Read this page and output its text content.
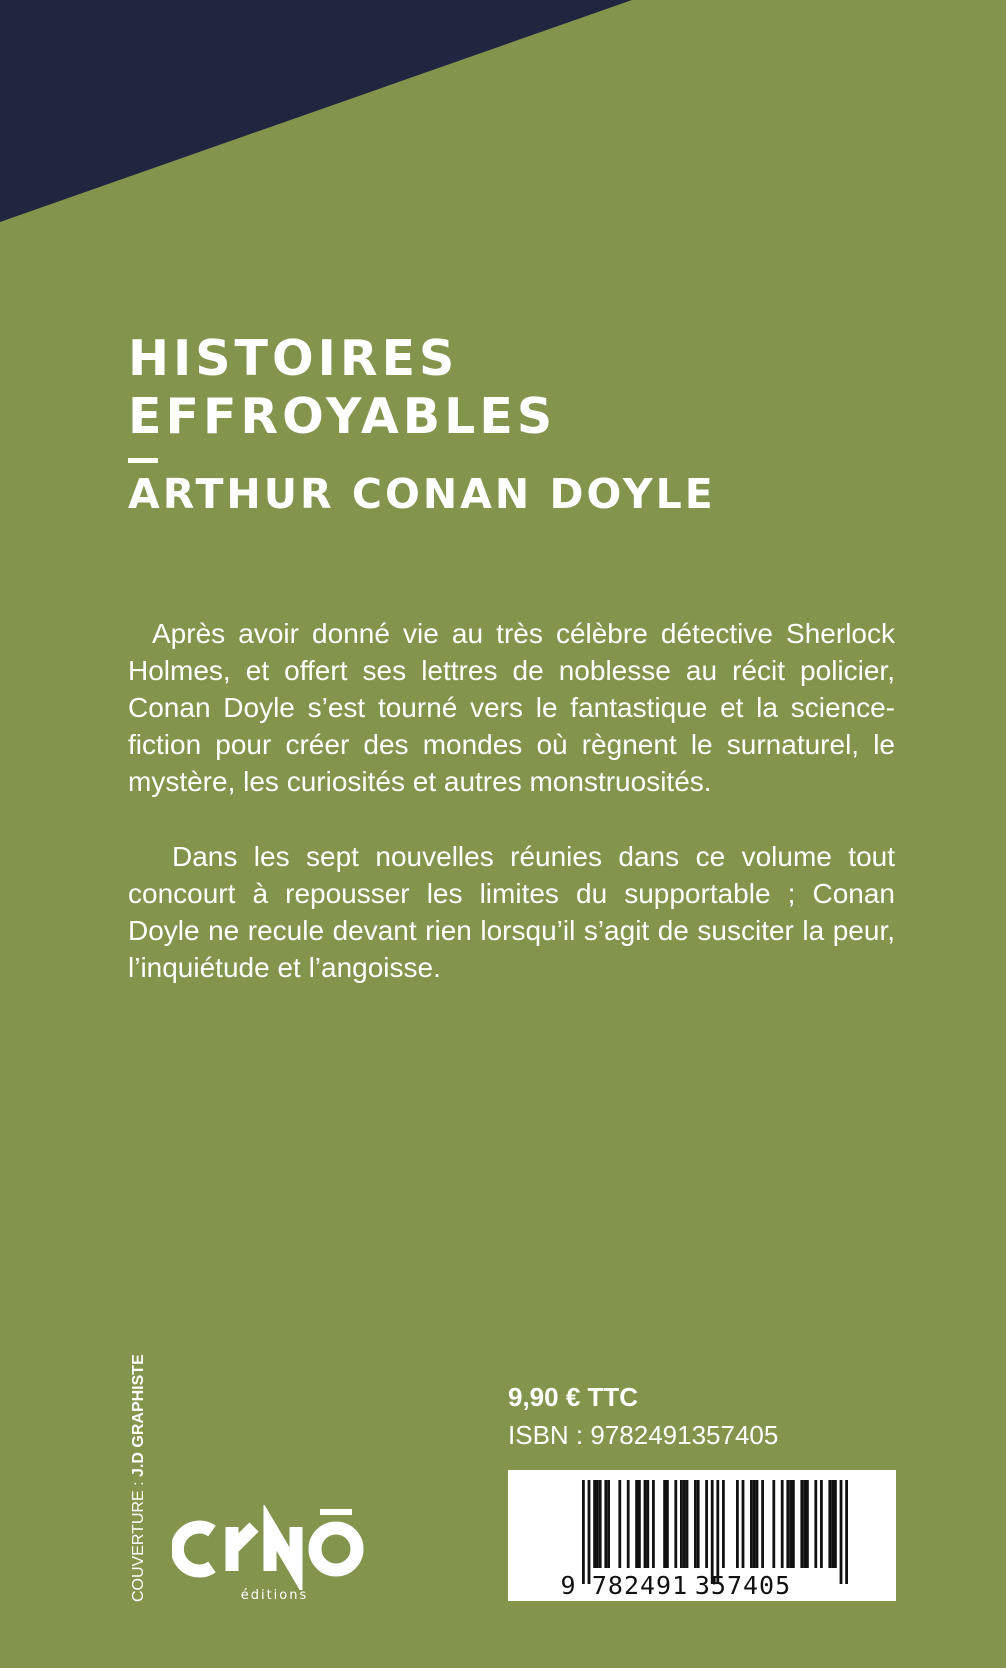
HISTOIRES
EFFROYABLES
ARTHUR CONAN DOYLE

Après avoir donné vie au très célèbre détective Sherlock Holmes, et offert ses lettres de noblesse au récit policier, Conan Doyle s’est tourné vers le fantastique et la science-fiction pour créer des mondes où règnent le surnaturel, le mystère, les curiosités et autres monstruosités.

Dans les sept nouvelles réunies dans ce volume tout concourt à repousser les limites du supportable ; Conan Doyle ne recule devant rien lorsqu’il s’agit de susciter la peur, l’inquiétude et l’angoisse.

COUVERTURE : J.D GRAPHISTE
éditions
9,90 € TTC
ISBN : 9782491357405
9 782491 357405
